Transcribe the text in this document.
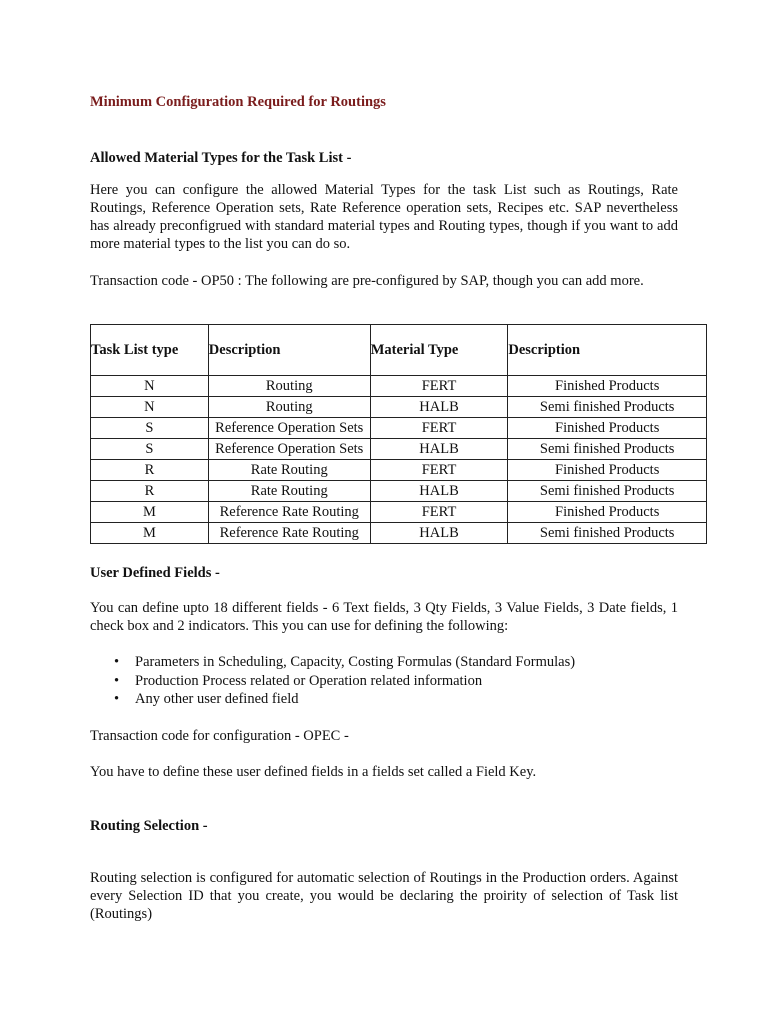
Minimum Configuration Required for Routings
Allowed Material Types for the Task List -
Here you can configure the allowed Material Types for the task List such as Routings, Rate Routings, Reference Operation sets, Rate Reference operation sets, Recipes etc. SAP nevertheless has already preconfigrued with standard material types and Routing types, though if you want to add more material types to the list you can do so.
Transaction code - OP50 : The following are pre-configured by SAP, though you can add more.
Task List type	Description	Material Type	Description
N	Routing	FERT	Finished Products
N	Routing	HALB	Semi finished Products
S	Reference Operation Sets	FERT	Finished Products
S	Reference Operation Sets	HALB	Semi finished Products
R	Rate Routing	FERT	Finished Products
R	Rate Routing	HALB	Semi finished Products
M	Reference Rate Routing	FERT	Finished Products
M	Reference Rate Routing	HALB	Semi finished Products
User Defined Fields -
You can define upto 18 different fields - 6 Text fields, 3 Qty Fields, 3 Value Fields, 3 Date fields, 1 check box and 2 indicators. This you can use for defining the following:
• Parameters in Scheduling, Capacity, Costing Formulas (Standard Formulas)
• Production Process related or Operation related information
• Any other user defined field
Transaction code for configuration - OPEC -
You have to define these user defined fields in a fields set called a Field Key.
Routing Selection -
Routing selection is configured for automatic selection of Routings in the Production orders. Against every Selection ID that you create, you would be declaring the proirity of selection of Task list (Routings)
